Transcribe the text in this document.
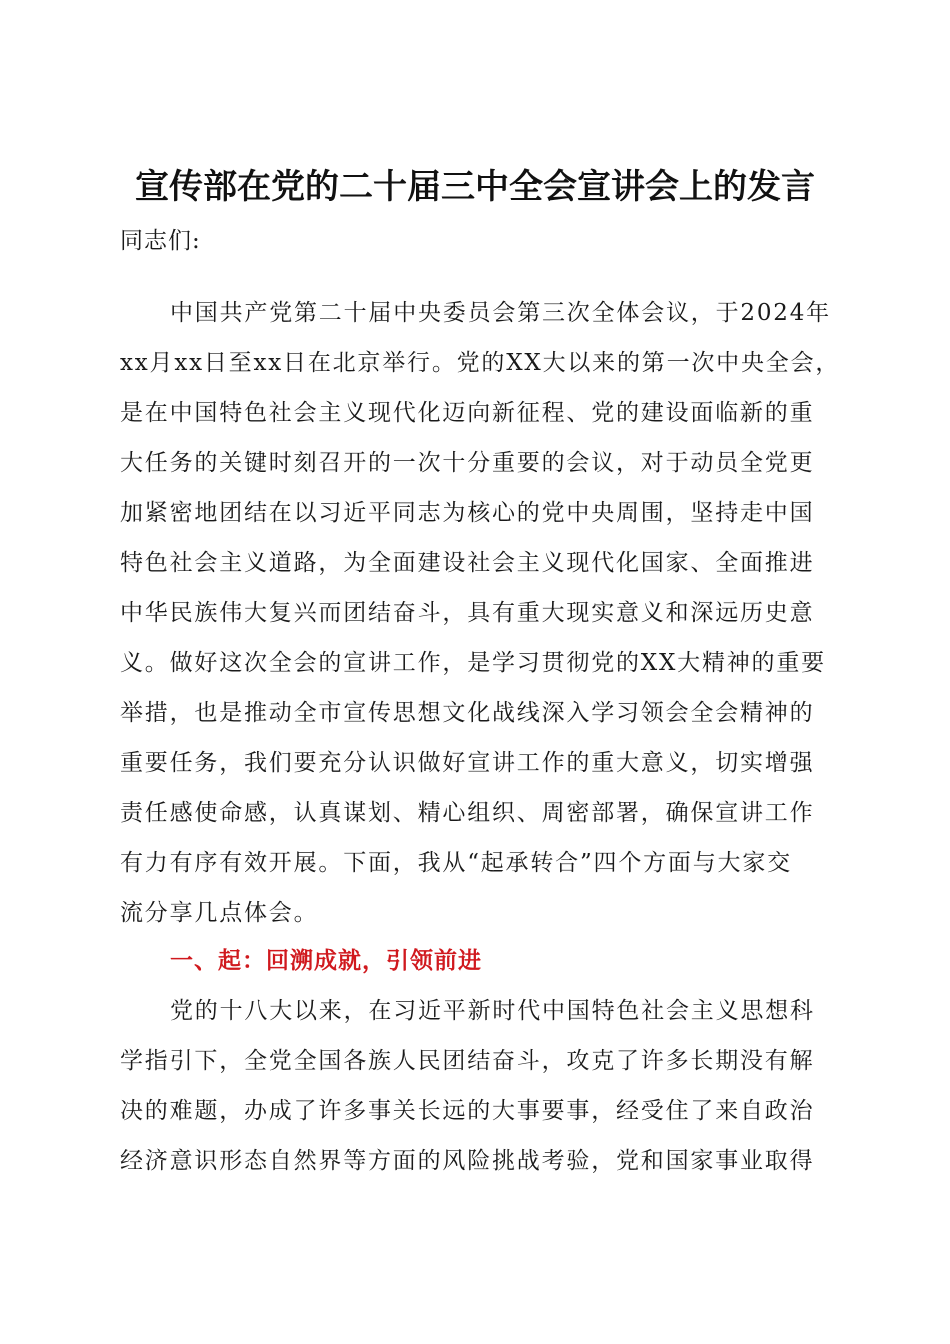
宣传部在党的二十届三中全会宣讲会上的发言

同志们:

中国共产党第二十届中央委员会第三次全体会议，于2024年

xx月xx日至xx日在北京举行。党的XX大以来的第一次中央全会，

是在中国特色社会主义现代化迈向新征程、党的建设面临新的重

大任务的关键时刻召开的一次十分重要的会议，对于动员全党更

加紧密地团结在以习近平同志为核心的党中央周围，坚持走中国

特色社会主义道路，为全面建设社会主义现代化国家、全面推进

中华民族伟大复兴而团结奋斗，具有重大现实意义和深远历史意

义。做好这次全会的宣讲工作，是学习贯彻党的XX大精神的重要

举措，也是推动全市宣传思想文化战线深入学习领会全会精神的

重要任务，我们要充分认识做好宣讲工作的重大意义，切实增强

责任感使命感，认真谋划、精心组织、周密部署，确保宣讲工作

有力有序有效开展。下面，我从“起承转合”四个方面与大家交

流分享几点体会。

一、起：回溯成就，引领前进

党的十八大以来，在习近平新时代中国特色社会主义思想科

学指引下，全党全国各族人民团结奋斗，攻克了许多长期没有解

决的难题，办成了许多事关长远的大事要事，经受住了来自政治

经济意识形态自然界等方面的风险挑战考验，党和国家事业取得
